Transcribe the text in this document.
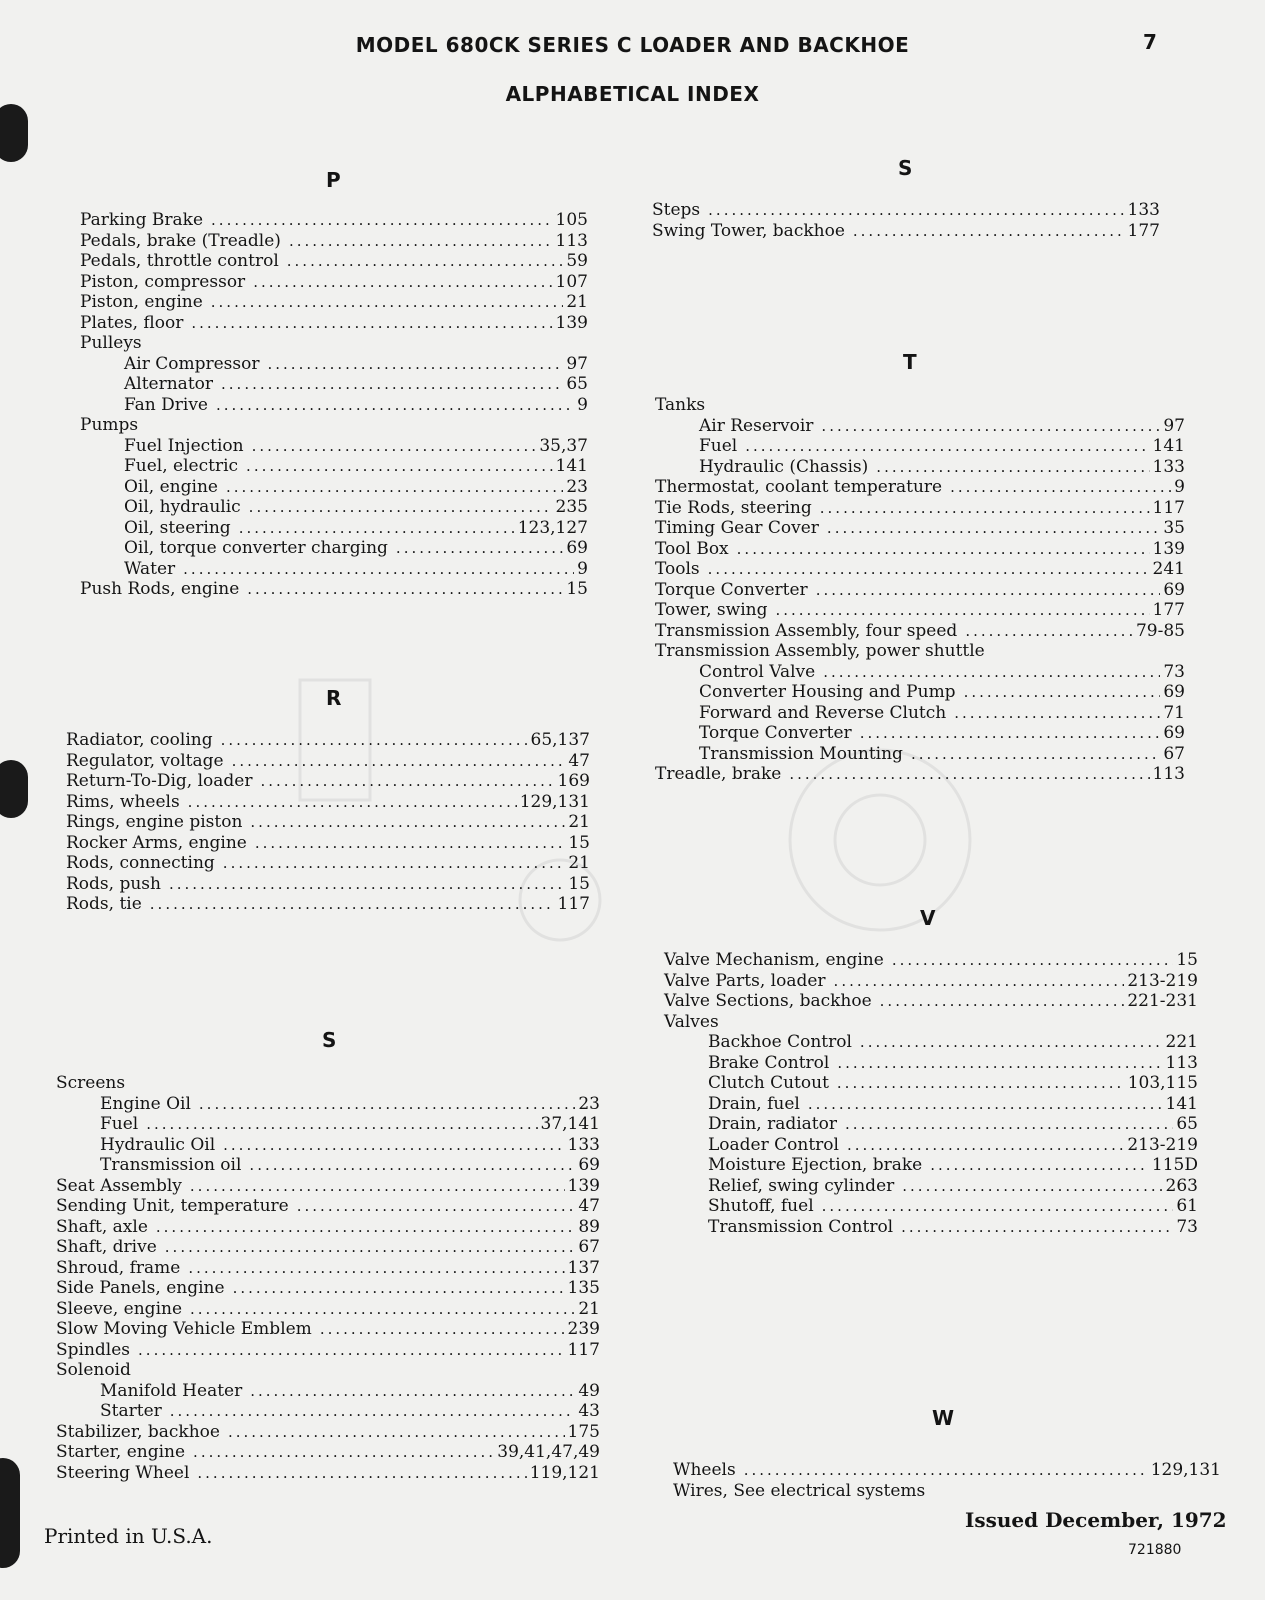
MODEL 680CK SERIES C LOADER AND BACKHOE	7
ALPHABETICAL INDEX
P
Parking Brake .....	105
Pedals, brake (Treadle) .....	113
Pedals, throttle control .....	59
Piston, compressor .....	107
Piston, engine .....	21
Plates, floor .....	139
Pulleys
Air Compressor .....	97
Alternator .....	65
Fan Drive .....	9
Pumps
Fuel Injection .....	35,37
Fuel, electric .....	141
Oil, engine .....	23
Oil, hydraulic .....	235
Oil, steering .....	123,127
Oil, torque converter charging .....	69
Water .....	9
Push Rods, engine .....	15
R
Radiator, cooling .....	65,137
Regulator, voltage .....	47
Return-To-Dig, loader .....	169
Rims, wheels .....	129,131
Rings, engine piston .....	21
Rocker Arms, engine .....	15
Rods, connecting .....	21
Rods, push .....	15
Rods, tie .....	117
S
Screens
Engine Oil .....	23
Fuel .....	37,141
Hydraulic Oil .....	133
Transmission oil .....	69
Seat Assembly .....	139
Sending Unit, temperature .....	47
Shaft, axle .....	89
Shaft, drive .....	67
Shroud, frame .....	137
Side Panels, engine .....	135
Sleeve, engine .....	21
Slow Moving Vehicle Emblem .....	239
Spindles .....	117
Solenoid
Manifold Heater .....	49
Starter .....	43
Stabilizer, backhoe .....	175
Starter, engine .....	39,41,47,49
Steering Wheel .....	119,121
S
Steps .....	133
Swing Tower, backhoe .....	177
T
Tanks
Air Reservoir .....	97
Fuel .....	141
Hydraulic (Chassis) .....	133
Thermostat, coolant temperature .....	9
Tie Rods, steering .....	117
Timing Gear Cover .....	35
Tool Box .....	139
Tools .....	241
Torque Converter .....	69
Tower, swing .....	177
Transmission Assembly, four speed .....	79-85
Transmission Assembly, power shuttle
Control Valve .....	73
Converter Housing and Pump .....	69
Forward and Reverse Clutch .....	71
Torque Converter .....	69
Transmission Mounting .....	67
Treadle, brake .....	113
V
Valve Mechanism, engine .....	15
Valve Parts, loader .....	213-219
Valve Sections, backhoe .....	221-231
Valves
Backhoe Control .....	221
Brake Control .....	113
Clutch Cutout .....	103,115
Drain, fuel .....	141
Drain, radiator .....	65
Loader Control .....	213-219
Moisture Ejection, brake .....	115D
Relief, swing cylinder .....	263
Shutoff, fuel .....	61
Transmission Control .....	73
W
Wheels .....	129,131
Wires, See electrical systems
Printed in U.S.A.
Issued December, 1972
721880
